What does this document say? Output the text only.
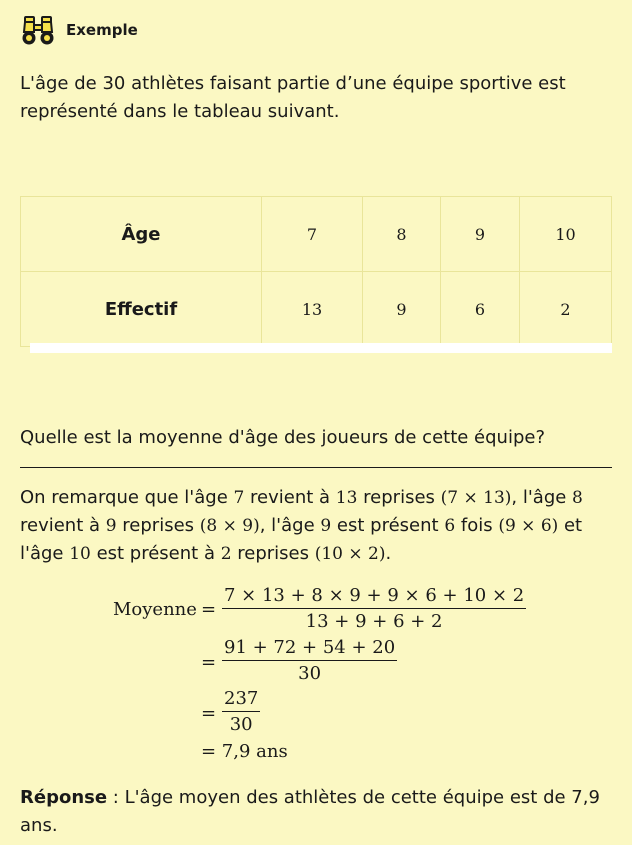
Exemple
L'âge de 30 athlètes faisant partie d’une équipe sportive est représenté dans le tableau suivant.
Âge	7	8	9	10
Effectif	13	9	6	2
Quelle est la moyenne d'âge des joueurs de cette équipe?
On remarque que l'âge 7 revient à 13 reprises (7 × 13), l'âge 8 revient à 9 reprises (8 × 9), l'âge 9 est présent 6 fois (9 × 6) et l'âge 10 est présent à 2 reprises (10 × 2).
Moyenne = $\frac{7 \times 13 + 8 \times 9 + 9 \times 6 + 10 \times 2}{13 + 9 + 6 + 2}$
= $\frac{91 + 72 + 54 + 20}{30}$
= $\frac{237}{30}$
= 7,9 ans
Réponse : L'âge moyen des athlètes de cette équipe est de 7,9 ans.
